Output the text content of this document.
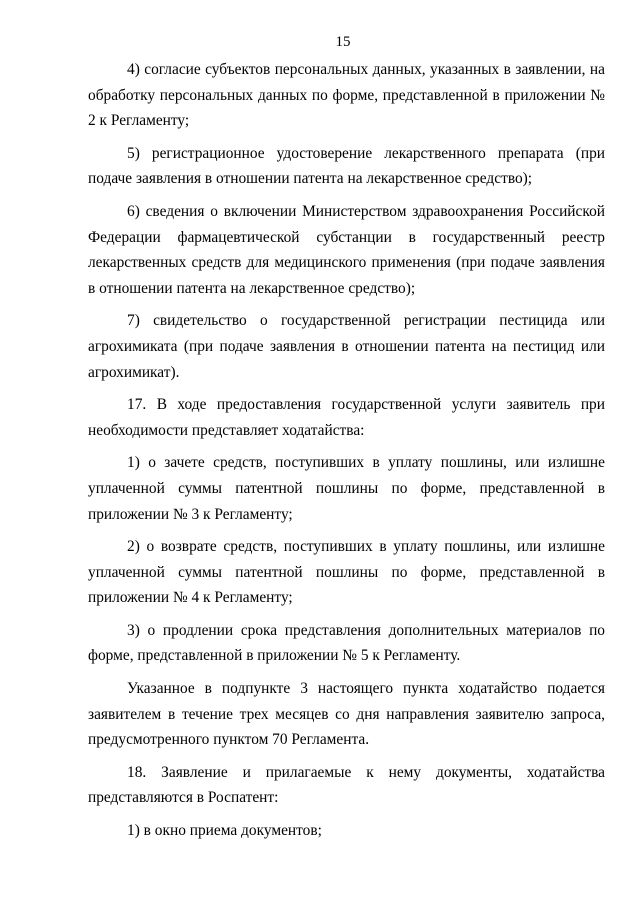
15

4) согласие субъектов персональных данных, указанных в заявлении, на обработку персональных данных по форме, представленной в приложении № 2 к Регламенту;

5) регистрационное удостоверение лекарственного препарата (при подаче заявления в отношении патента на лекарственное средство);

6) сведения о включении Министерством здравоохранения Российской Федерации фармацевтической субстанции в государственный реестр лекарственных средств для медицинского применения (при подаче заявления в отношении патента на лекарственное средство);

7) свидетельство о государственной регистрации пестицида или агрохимиката (при подаче заявления в отношении патента на пестицид или агрохимикат).

17. В ходе предоставления государственной услуги заявитель при необходимости представляет ходатайства:

1) о зачете средств, поступивших в уплату пошлины, или излишне уплаченной суммы патентной пошлины по форме, представленной в приложении № 3 к Регламенту;

2) о возврате средств, поступивших в уплату пошлины, или излишне уплаченной суммы патентной пошлины по форме, представленной в приложении № 4 к Регламенту;

3) о продлении срока представления дополнительных материалов по форме, представленной в приложении № 5 к Регламенту.

Указанное в подпункте 3 настоящего пункта ходатайство подается заявителем в течение трех месяцев со дня направления заявителю запроса, предусмотренного пунктом 70 Регламента.

18. Заявление и прилагаемые к нему документы, ходатайства представляются в Роспатент:

1) в окно приема документов;
